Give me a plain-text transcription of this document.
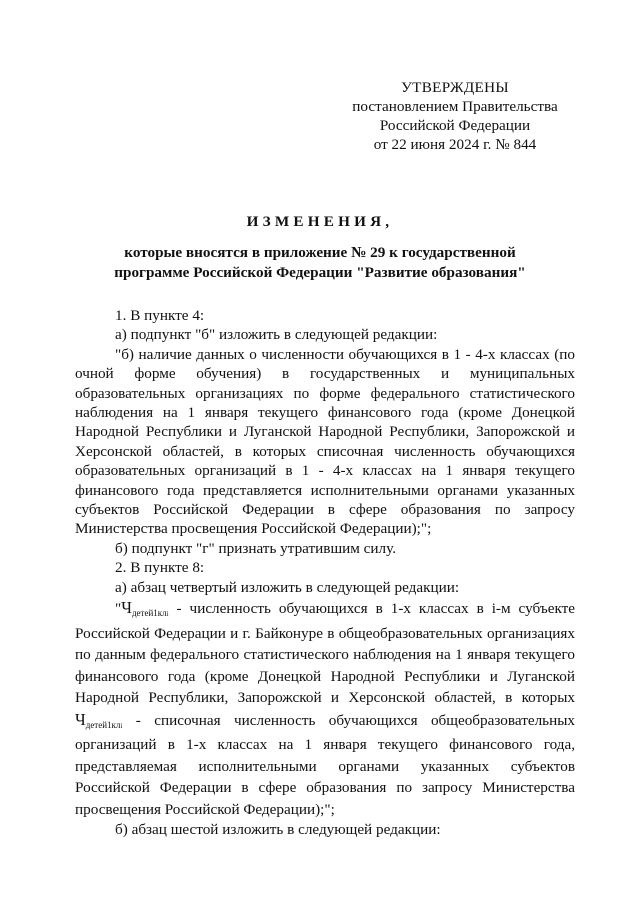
УТВЕРЖДЕНЫ
постановлением Правительства
Российской Федерации
от 22 июня 2024 г. № 844
ИЗМЕНЕНИЯ,
которые вносятся в приложение № 29 к государственной
программе Российской Федерации "Развитие образования"

1. В пункте 4:

а) подпункт "б" изложить в следующей редакции:

"б) наличие данных о численности обучающихся в 1 - 4-х классах (по очной форме обучения) в государственных и муниципальных образовательных организациях по форме федерального статистического наблюдения на 1 января текущего финансового года (кроме Донецкой Народной Республики и Луганской Народной Республики, Запорожской и Херсонской областей, в которых списочная численность обучающихся образовательных организаций в 1 - 4-х классах на 1 января текущего финансового года представляется исполнительными органами указанных субъектов Российской Федерации в сфере образования по запросу Министерства просвещения Российской Федерации);";

б) подпункт "г" признать утратившим силу.

2. В пункте 8:

а) абзац четвертый изложить в следующей редакции:

"Чдетей1клi - численность обучающихся в 1-х классах в i-м субъекте Российской Федерации и г. Байконуре в общеобразовательных организациях по данным федерального статистического наблюдения на 1 января текущего финансового года (кроме Донецкой Народной Республики и Луганской Народной Республики, Запорожской и Херсонской областей, в которых Чдетей1клi - списочная численность обучающихся общеобразовательных организаций в 1-х классах на 1 января текущего финансового года, представляемая исполнительными органами указанных субъектов Российской Федерации в сфере образования по запросу Министерства просвещения Российской Федерации);";

б) абзац шестой изложить в следующей редакции:
